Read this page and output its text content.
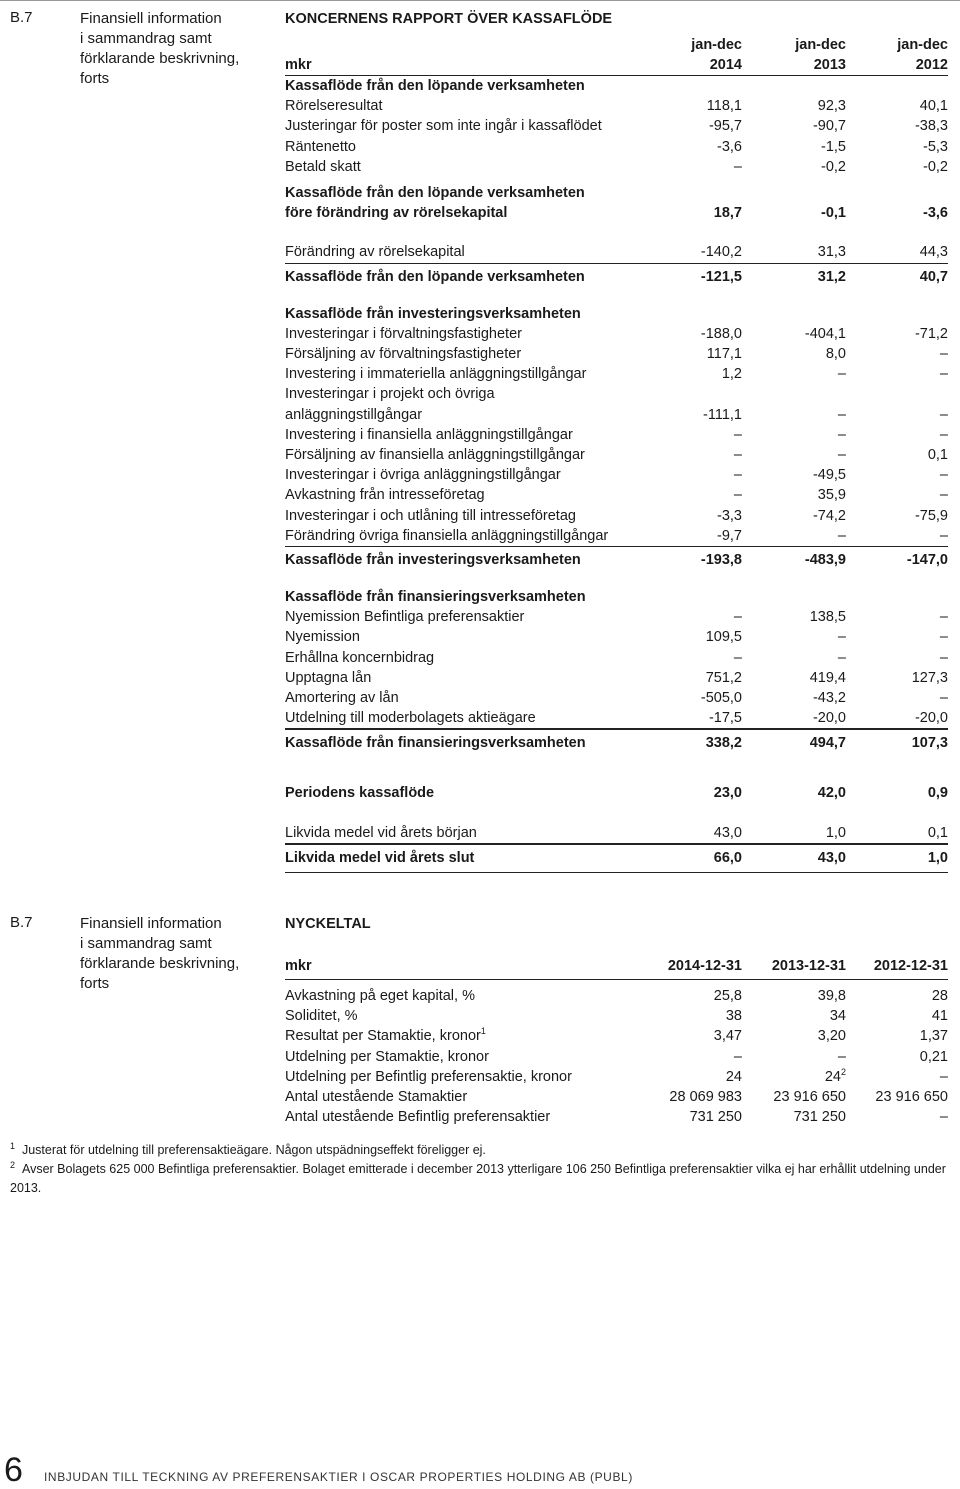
B.7	Finansiell information
i sammandrag samt
förklarande beskrivning,
forts
KONCERNENS RAPPORT ÖVER KASSAFLÖDE

	jan-dec	jan-dec	jan-dec
mkr	2014	2013	2012
Kassaflöde från den löpande verksamheten			
Rörelseresultat	118,1	92,3	40,1
Justeringar för poster som inte ingår i kassaflödet	-95,7	-90,7	-38,3
Räntenetto	-3,6	-1,5	-5,3
Betald skatt	–	-0,2	-0,2

Kassaflöde från den löpande verksamheten			
före förändring av rörelsekapital	18,7	-0,1	-3,6

Förändring av rörelsekapital	-140,2	31,3	44,3
Kassaflöde från den löpande verksamheten	-121,5	31,2	40,7

Kassaflöde från investeringsverksamheten			
Investeringar i förvaltningsfastigheter	-188,0	-404,1	-71,2
Försäljning av förvaltningsfastigheter	117,1	8,0	–
Investering i immateriella anläggningstillgångar	1,2	–	–
Investeringar i projekt och övriga			
anläggningstillgångar	-111,1	–	–
Investering i finansiella anläggningstillgångar	–	–	–
Försäljning av finansiella anläggningstillgångar	–	–	0,1
Investeringar i övriga anläggningstillgångar	–	-49,5	–
Avkastning från intresseföretag	–	35,9	–
Investeringar i och utlåning till intresseföretag	-3,3	-74,2	-75,9
Förändring övriga finansiella anläggningstillgångar	-9,7	–	–
Kassaflöde från investeringsverksamheten	-193,8	-483,9	-147,0

Kassaflöde från finansieringsverksamheten			
Nyemission Befintliga preferensaktier	–	138,5	–
Nyemission	109,5	–	–
Erhållna koncernbidrag	–	–	–
Upptagna lån	751,2	419,4	127,3
Amortering av lån	-505,0	-43,2	–
Utdelning till moderbolagets aktieägare	-17,5	-20,0	-20,0
Kassaflöde från finansieringsverksamheten	338,2	494,7	107,3

Periodens kassaflöde	23,0	42,0	0,9

Likvida medel vid årets början	43,0	1,0	0,1
Likvida medel vid årets slut	66,0	43,0	1,0
B.7	Finansiell information
i sammandrag samt
förklarande beskrivning,
forts
NYCKELTAL

mkr	2014-12-31	2013-12-31	2012-12-31

Avkastning på eget kapital, %	25,8	39,8	28
Soliditet, %	38	34	41
Resultat per Stamaktie, kronor$^1$	3,47	3,20	1,37
Utdelning per Stamaktie, kronor	–	–	0,21
Utdelning per Befintlig preferensaktie, kronor	24	$24^2$	–
Antal utestående Stamaktier	28 069 983	23 916 650	23 916 650
Antal utestående Befintlig preferensaktier	731 250	731 250	–
$^1$ Justerat för utdelning till preferensaktieägare. Någon utspädningseffekt föreligger ej.
$^2$ Avser Bolagets 625 000 Befintliga preferensaktier. Bolaget emitterade i december 2013 ytterligare 106 250 Befintliga preferensaktier vilka ej har erhållit utdelning under 2013.
6 INBJUDAN TILL TECKNING AV PREFERENSAKTIER I OSCAR PROPERTIES HOLDING AB (PUBL)
